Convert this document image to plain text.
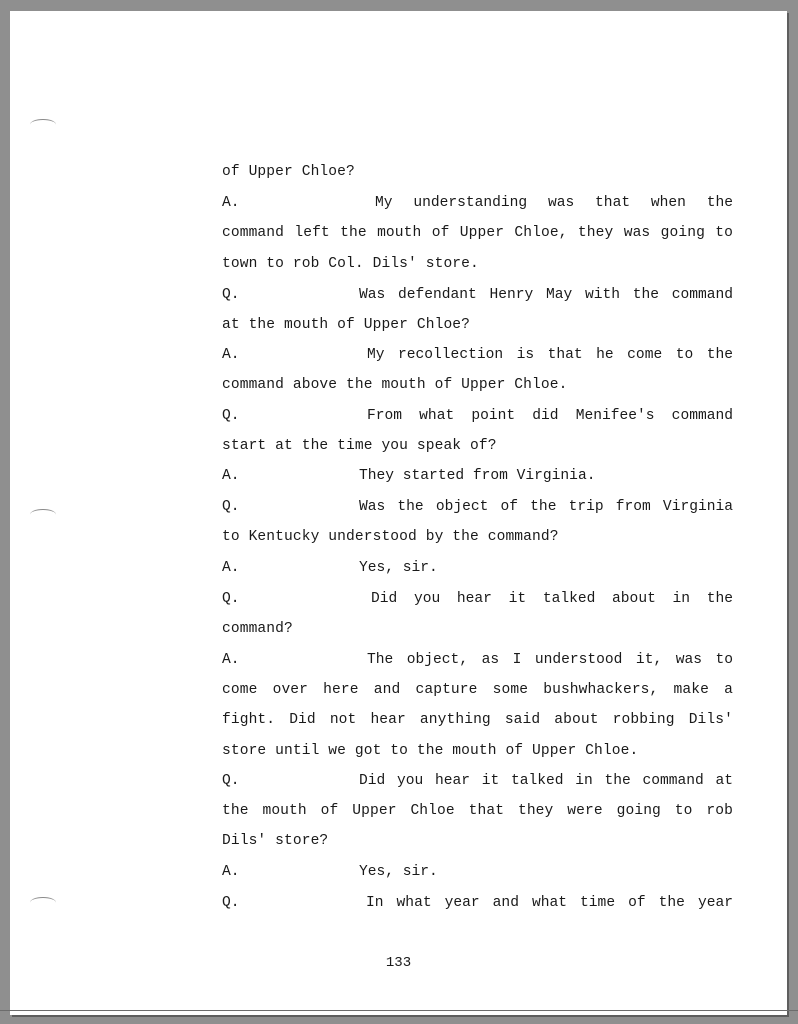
of Upper Chloe?
A.	My understanding was that when the
command left the mouth of Upper Chloe, they was going to
town to rob Col. Dils' store.
Q.	Was defendant Henry May with the command
at the mouth of Upper Chloe?
A.	My recollection is that he come to the
command above the mouth of Upper Chloe.
Q.	From what point did Menifee's command
start at the time you speak of?
A.	They started from Virginia.
Q.	Was the object of the trip from Virginia
to Kentucky understood by the command?
A.	Yes, sir.
Q.	Did you hear it talked about in the
command?
A.	The object, as I understood it, was to
come over here and capture some bushwhackers, make a
fight. Did not hear anything said about robbing Dils'
store until we got to the mouth of Upper Chloe.
Q.	Did you hear it talked in the command at
the mouth of Upper Chloe that they were going to rob
Dils' store?
A.	Yes, sir.
Q.	In what year and what time of the year
133
